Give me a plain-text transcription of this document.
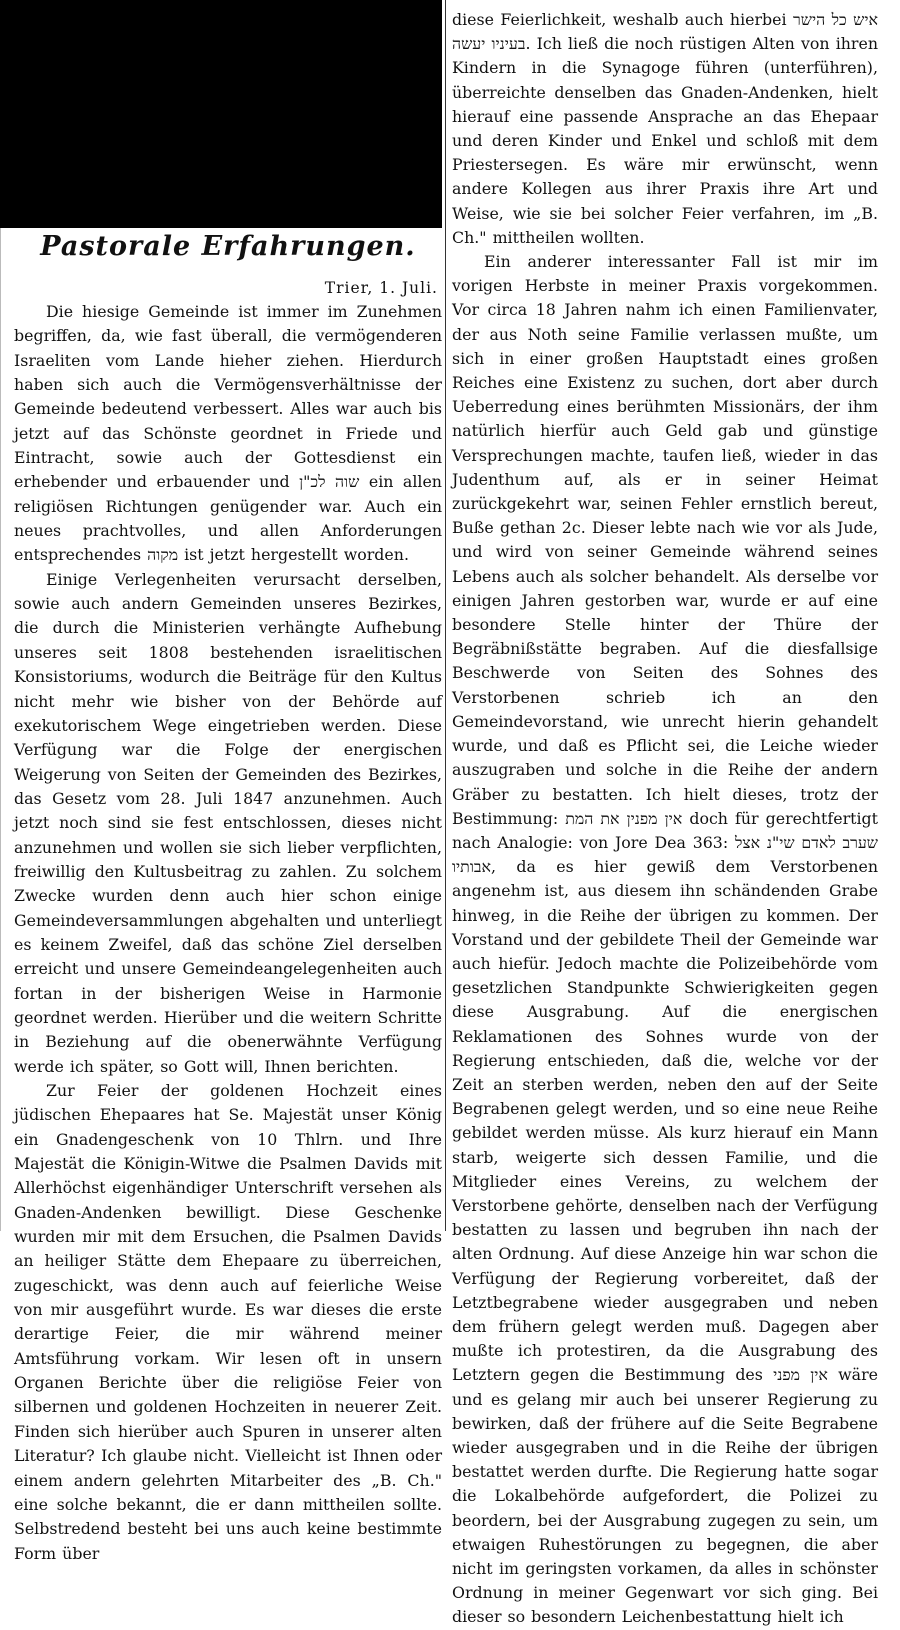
Pastorale Erfahrungen.
Trier, 1. Juli.

Die hiesige Gemeinde ist immer im Zunehmen begriffen, da, wie fast überall, die vermögenderen Israeliten vom Lande hieher ziehen. Hierdurch haben sich auch die Vermögensverhältnisse der Gemeinde bedeutend verbessert. Alles war auch bis jetzt auf das Schönste geordnet in Friede und Eintracht, sowie auch der Gottesdienst ein erhebender und erbauender und שוה לכ"ן ein allen religiösen Richtungen genügender war. Auch ein neues prachtvolles, und allen Anforderungen entsprechendes מקוה ist jetzt hergestellt worden.

Einige Verlegenheiten verursacht derselben, sowie auch andern Gemeinden unseres Bezirkes, die durch die Ministerien verhängte Aufhebung unseres seit 1808 bestehenden israelitischen Konsistoriums, wodurch die Beiträge für den Kultus nicht mehr wie bisher von der Behörde auf exekutorischem Wege eingetrieben werden. Diese Verfügung war die Folge der energischen Weigerung von Seiten der Gemeinden des Bezirkes, das Gesetz vom 28. Juli 1847 anzunehmen. Auch jetzt noch sind sie fest entschlossen, dieses nicht anzunehmen und wollen sie sich lieber verpflichten, freiwillig den Kultusbeitrag zu zahlen. Zu solchem Zwecke wurden denn auch hier schon einige Gemeindeversammlungen abgehalten und unterliegt es keinem Zweifel, daß das schöne Ziel derselben erreicht und unsere Gemeindeangelegenheiten auch fortan in der bisherigen Weise in Harmonie geordnet werden. Hierüber und die weitern Schritte in Beziehung auf die obenerwähnte Verfügung werde ich später, so Gott will, Ihnen berichten.

Zur Feier der goldenen Hochzeit eines jüdischen Ehepaares hat Se. Majestät unser König ein Gnadengeschenk von 10 Thlrn. und Ihre Majestät die Königin-Witwe die Psalmen Davids mit Allerhöchst eigenhändiger Unterschrift versehen als Gnaden-Andenken bewilligt. Diese Geschenke wurden mir mit dem Ersuchen, die Psalmen Davids an heiliger Stätte dem Ehepaare zu überreichen, zugeschickt, was denn auch auf feierliche Weise von mir ausgeführt wurde. Es war dieses die erste derartige Feier, die mir während meiner Amtsführung vorkam. Wir lesen oft in unsern Organen Berichte über die religiöse Feier von silbernen und goldenen Hochzeiten in neuerer Zeit. Finden sich hierüber auch Spuren in unserer alten Literatur? Ich glaube nicht. Vielleicht ist Ihnen oder einem andern gelehrten Mitarbeiter des „B. Ch." eine solche bekannt, die er dann mittheilen sollte. Selbstredend besteht bei uns auch keine bestimmte Form über

diese Feierlichkeit, weshalb auch hierbei איש כל הישר בעיניו יעשה. Ich ließ die noch rüstigen Alten von ihren Kindern in die Synagoge führen (unterführen), überreichte denselben das Gnaden-Andenken, hielt hierauf eine passende Ansprache an das Ehepaar und deren Kinder und Enkel und schloß mit dem Priestersegen. Es wäre mir erwünscht, wenn andere Kollegen aus ihrer Praxis ihre Art und Weise, wie sie bei solcher Feier verfahren, im „B. Ch." mittheilen wollten.

Ein anderer interessanter Fall ist mir im vorigen Herbste in meiner Praxis vorgekommen. Vor circa 18 Jahren nahm ich einen Familienvater, der aus Noth seine Familie verlassen mußte, um sich in einer großen Hauptstadt eines großen Reiches eine Existenz zu suchen, dort aber durch Ueberredung eines berühmten Missionärs, der ihm natürlich hierfür auch Geld gab und günstige Versprechungen machte, taufen ließ, wieder in das Judenthum auf, als er in seiner Heimat zurückgekehrt war, seinen Fehler ernstlich bereut, Buße gethan 2c. Dieser lebte nach wie vor als Jude, und wird von seiner Gemeinde während seines Lebens auch als solcher behandelt. Als derselbe vor einigen Jahren gestorben war, wurde er auf eine besondere Stelle hinter der Thüre der Begräbnißstätte begraben. Auf die diesfallsige Beschwerde von Seiten des Sohnes des Verstorbenen schrieb ich an den Gemeindevorstand, wie unrecht hierin gehandelt wurde, und daß es Pflicht sei, die Leiche wieder auszugraben und solche in die Reihe der andern Gräber zu bestatten. Ich hielt dieses, trotz der Bestimmung: אין מפנין את המת doch für gerechtfertigt nach Analogie: von Jore Dea 363: שערב לאדם שי"נ אצל אבותיו, da es hier gewiß dem Verstorbenen angenehm ist, aus diesem ihn schändenden Grabe hinweg, in die Reihe der übrigen zu kommen. Der Vorstand und der gebildete Theil der Gemeinde war auch hiefür. Jedoch machte die Polizeibehörde vom gesetzlichen Standpunkte Schwierigkeiten gegen diese Ausgrabung. Auf die energischen Reklamationen des Sohnes wurde von der Regierung entschieden, daß die, welche vor der Zeit an sterben werden, neben den auf der Seite Begrabenen gelegt werden, und so eine neue Reihe gebildet werden müsse. Als kurz hierauf ein Mann starb, weigerte sich dessen Familie, und die Mitglieder eines Vereins, zu welchem der Verstorbene gehörte, denselben nach der Verfügung bestatten zu lassen und begruben ihn nach der alten Ordnung. Auf diese Anzeige hin war schon die Verfügung der Regierung vorbereitet, daß der Letztbegrabene wieder ausgegraben und neben dem frühern gelegt werden muß. Dagegen aber mußte ich protestiren, da die Ausgrabung des Letztern gegen die Bestimmung des אין מפני wäre und es gelang mir auch bei unserer Regierung zu bewirken, daß der frühere auf die Seite Begrabene wieder ausgegraben und in die Reihe der übrigen bestattet werden durfte. Die Regierung hatte sogar die Lokalbehörde aufgefordert, die Polizei zu beordern, bei der Ausgrabung zugegen zu sein, um etwaigen Ruhestörungen zu begegnen, die aber nicht im geringsten vorkamen, da alles in schönster Ordnung in meiner Gegenwart vor sich ging. Bei dieser so besondern Leichenbestattung hielt ich
